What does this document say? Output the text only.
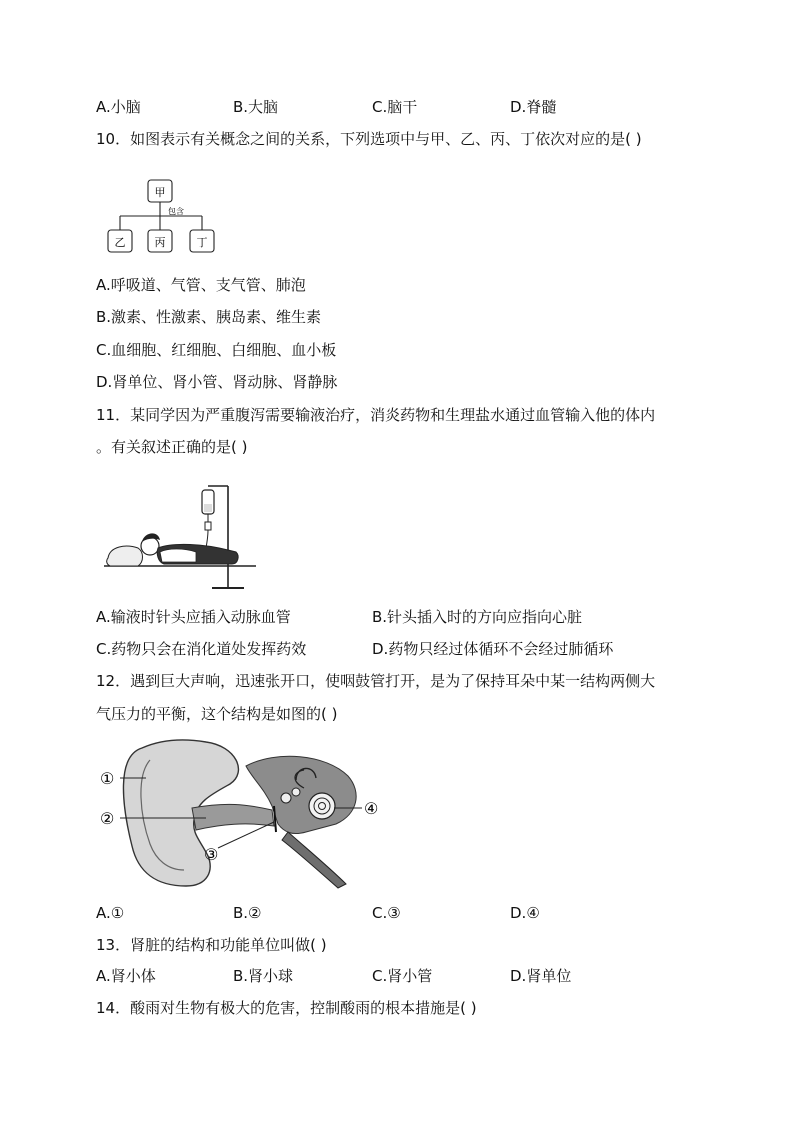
A.小脑	B.大脑	C.脑干	D.脊髓
10．如图表示有关概念之间的关系，下列选项中与甲、乙、丙、丁依次对应的是( )
甲
包含
乙	丙	丁
A.呼吸道、气管、支气管、肺泡
B.激素、性激素、胰岛素、维生素
C.血细胞、红细胞、白细胞、血小板
D.肾单位、肾小管、肾动脉、肾静脉
11．某同学因为严重腹泻需要输液治疗，消炎药物和生理盐水通过血管输入他的体内
。有关叙述正确的是( )
A.输液时针头应插入动脉血管	B.针头插入时的方向应指向心脏
C.药物只会在消化道处发挥药效	D.药物只经过体循环不会经过肺循环
12．遇到巨大声响，迅速张开口，使咽鼓管打开，是为了保持耳朵中某一结构两侧大
气压力的平衡，这个结构是如图的( )
①
②
③
④
A.①	B.②	C.③	D.④
13．肾脏的结构和功能单位叫做( )
A.肾小体	B.肾小球	C.肾小管	D.肾单位
14．酸雨对生物有极大的危害，控制酸雨的根本措施是( )
